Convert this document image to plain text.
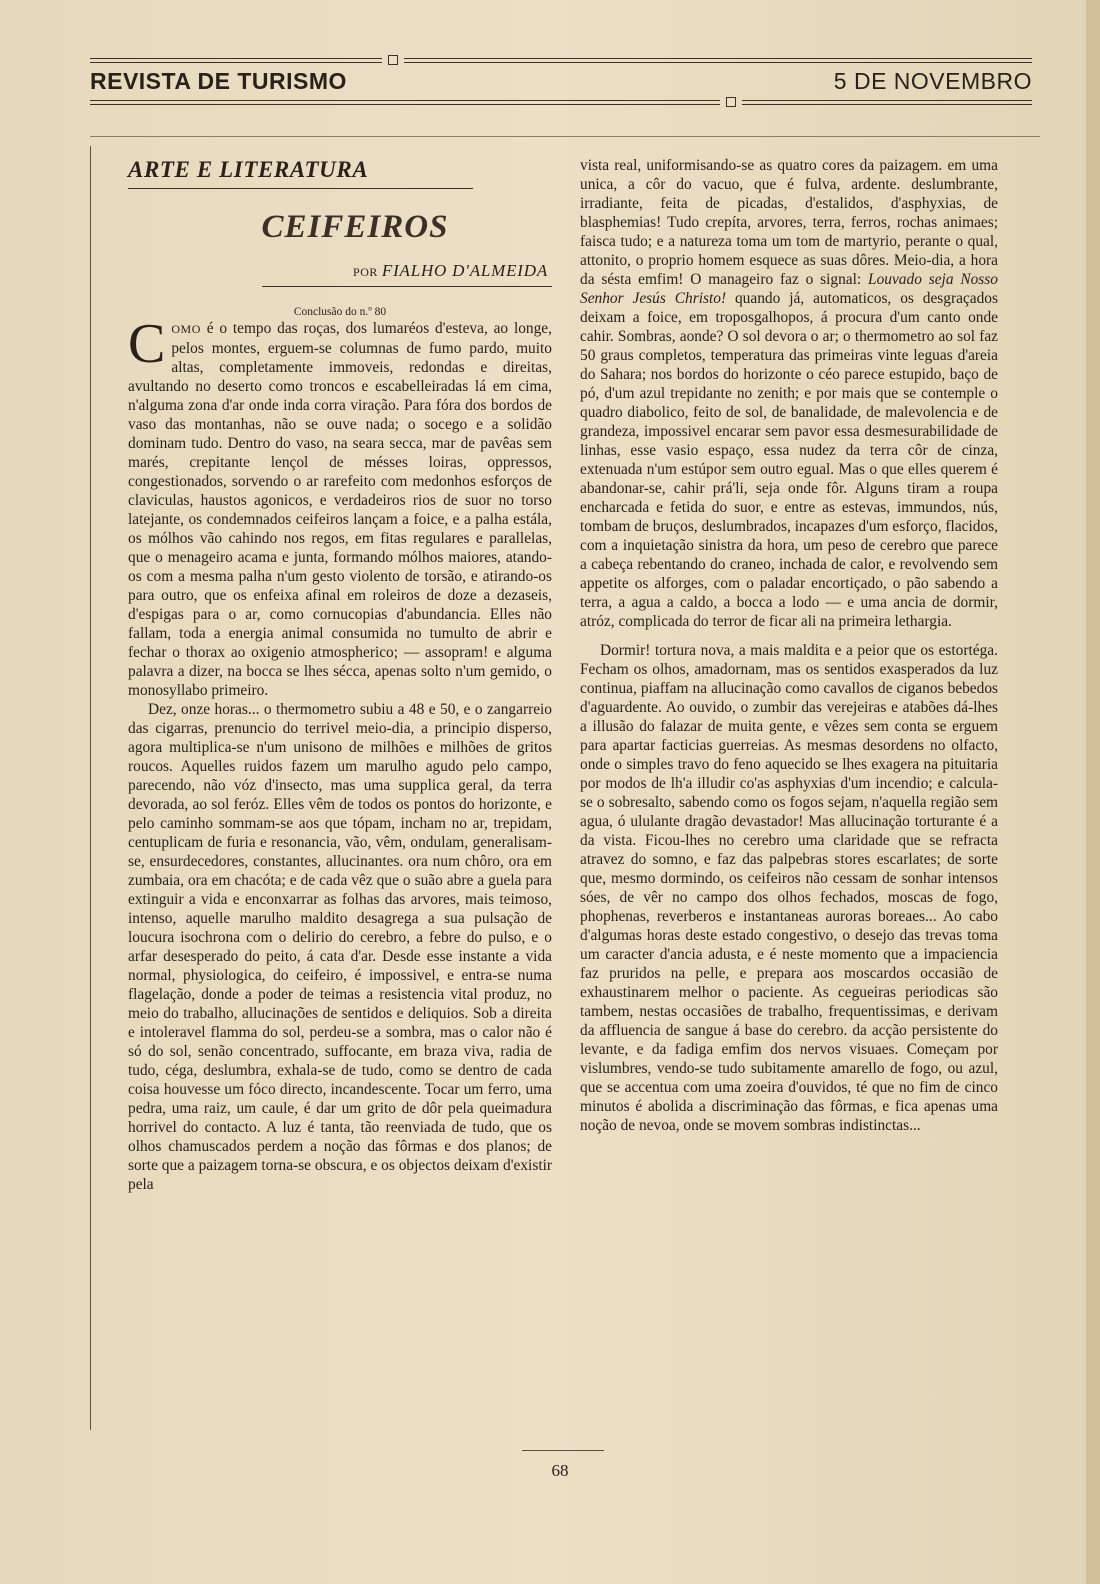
REVISTA DE TURISMO	5 DE NOVEMBRO
ARTE E LITERATURA
CEIFEIROS

POR FIALHO D'ALMEIDA

Conclusão do n.º 80

COMO é o tempo das roças, dos lumaréos d'esteva, ao longe, pelos montes, erguem-se columnas de fumo pardo, muito altas, completamente immoveis, redondas e direitas, avultando no deserto como troncos e escabelleiradas lá em cima, n'alguma zona d'ar onde inda corra viração. Para fóra dos bordos de vaso das montanhas, não se ouve nada; o socego e a solidão dominam tudo. Dentro do vaso, na seara secca, mar de pavêas sem marés, crepitante lençol de mésses loiras, oppressos, congestionados, sorvendo o ar rarefeito com medonhos esforços de claviculas, haustos agonicos, e verdadeiros rios de suor no torso latejante, os condemnados ceifeiros lançam a foice, e a palha estála, os mólhos vão cahindo nos regos, em fitas regulares e parallelas, que o menageiro acama e junta, formando mólhos maiores, atando-os com a mesma palha n'um gesto violento de torsão, e atirando-os para outro, que os enfeixa afinal em roleiros de doze a dezaseis, d'espigas para o ar, como cornucopias d'abundancia. Elles não fallam, toda a energia animal consumida no tumulto de abrir e fechar o thorax ao oxigenio atmospherico; — assopram! e alguma palavra a dizer, na bocca se lhes sécca, apenas solto n'um gemido, o monosyllabo primeiro.

Dez, onze horas... o thermometro subiu a 48 e 50, e o zangarreio das cigarras, prenuncio do terrivel meio-dia, a principio disperso, agora multiplica-se n'um unisono de milhões e milhões de gritos roucos. Aquelles ruidos fazem um marulho agudo pelo campo, parecendo, não vóz d'insecto, mas uma supplica geral, da terra devorada, ao sol feróz. Elles vêm de todos os pontos do horizonte, e pelo caminho sommam-se aos que tópam, incham no ar, trepidam, centuplicam de furia e resonancia, vão, vêm, ondulam, generalisam-se, ensurdecedores, constantes, allucinantes. ora num chôro, ora em zumbaia, ora em chacóta; e de cada vêz que o suão abre a guela para extinguir a vida e enconxarrar as folhas das arvores, mais teimoso, intenso, aquelle marulho maldito desagrega a sua pulsação de loucura isochrona com o delirio do cerebro, a febre do pulso, e o arfar desesperado do peito, á cata d'ar. Desde esse instante a vida normal, physiologica, do ceifeiro, é impossivel, e entra-se numa flagelação, donde a poder de teimas a resistencia vital produz, no meio do trabalho, allucinações de sentidos e deliquios. Sob a direita e intoleravel flamma do sol, perdeu-se a sombra, mas o calor não é só do sol, senão concentrado, suffocante, em braza viva, radia de tudo, céga, deslumbra, exhala-se de tudo, como se dentro de cada coisa houvesse um fóco directo, incandescente. Tocar um ferro, uma pedra, uma raiz, um caule, é dar um grito de dôr pela queimadura horrivel do contacto. A luz é tanta, tão reenviada de tudo, que os olhos chamuscados perdem a noção das fôrmas e dos planos; de sorte que a paizagem torna-se obscura, e os objectos deixam d'existir pela

vista real, uniformisando-se as quatro cores da paizagem. em uma unica, a côr do vacuo, que é fulva, ardente. deslumbrante, irradiante, feita de picadas, d'estalidos, d'asphyxias, de blasphemias! Tudo crepíta, arvores, terra, ferros, rochas animaes; faisca tudo; e a natureza toma um tom de martyrio, perante o qual, attonito, o proprio homem esquece as suas dôres. Meio-dia, a hora da sésta emfim! O manageiro faz o signal: Louvado seja Nosso Senhor Jesús Christo! quando já, automaticos, os desgraçados deixam a foice, em troposgalhopos, á procura d'um canto onde cahir. Sombras, aonde? O sol devora o ar; o thermometro ao sol faz 50 graus completos, temperatura das primeiras vinte leguas d'areia do Sahara; nos bordos do horizonte o céo parece estupido, baço de pó, d'um azul trepidante no zenith; e por mais que se contemple o quadro diabolico, feito de sol, de banalidade, de malevolencia e de grandeza, impossivel encarar sem pavor essa desmesurabilidade de linhas, esse vasio espaço, essa nudez da terra côr de cinza, extenuada n'um estúpor sem outro egual. Mas o que elles querem é abandonar-se, cahir prá'li, seja onde fôr. Alguns tiram a roupa encharcada e fetida do suor, e entre as estevas, immundos, nús, tombam de bruços, deslumbrados, incapazes d'um esforço, flacidos, com a inquietação sinistra da hora, um peso de cerebro que parece a cabeça rebentando do craneo, inchada de calor, e revolvendo sem appetite os alforges, com o paladar encortiçado, o pão sabendo a terra, a agua a caldo, a bocca a lodo — e uma ancia de dormir, atróz, complicada do terror de ficar ali na primeira lethargia.

Dormir! tortura nova, a mais maldita e a peior que os estortéga. Fecham os olhos, amadornam, mas os sentidos exasperados da luz continua, piaffam na allucinação como cavallos de ciganos bebedos d'aguardente. Ao ouvido, o zumbir das verejeiras e atabões dá-lhes a illusão do falazar de muita gente, e vêzes sem conta se erguem para apartar facticias guerreias. As mesmas desordens no olfacto, onde o simples travo do feno aquecido se lhes exagera na pituitaria por modos de lh'a illudir co'as asphyxias d'um incendio; e calcula-se o sobresalto, sabendo como os fogos sejam, n'aquella região sem agua, ó ululante dragão devastador! Mas allucinação torturante é a da vista. Ficou-lhes no cerebro uma claridade que se refracta atravez do somno, e faz das palpebras stores escarlates; de sorte que, mesmo dormindo, os ceifeiros não cessam de sonhar intensos sóes, de vêr no campo dos olhos fechados, moscas de fogo, phophenas, reverberos e instantaneas auroras boreaes... Ao cabo d'algumas horas deste estado congestivo, o desejo das trevas toma um caracter d'ancia adusta, e é neste momento que a impaciencia faz pruridos na pelle, e prepara aos moscardos occasião de exhaustinarem melhor o paciente. As cegueiras periodicas são tambem, nestas occasiões de trabalho, frequentissimas, e derivam da affluencia de sangue á base do cerebro. da acção persistente do levante, e da fadiga emfim dos nervos visuaes. Começam por vislumbres, vendo-se tudo subitamente amarello de fogo, ou azul, que se accentua com uma zoeira d'ouvidos, té que no fim de cinco minutos é abolida a discriminação das fôrmas, e fica apenas uma noção de nevoa, onde se movem sombras indistinctas...

68
